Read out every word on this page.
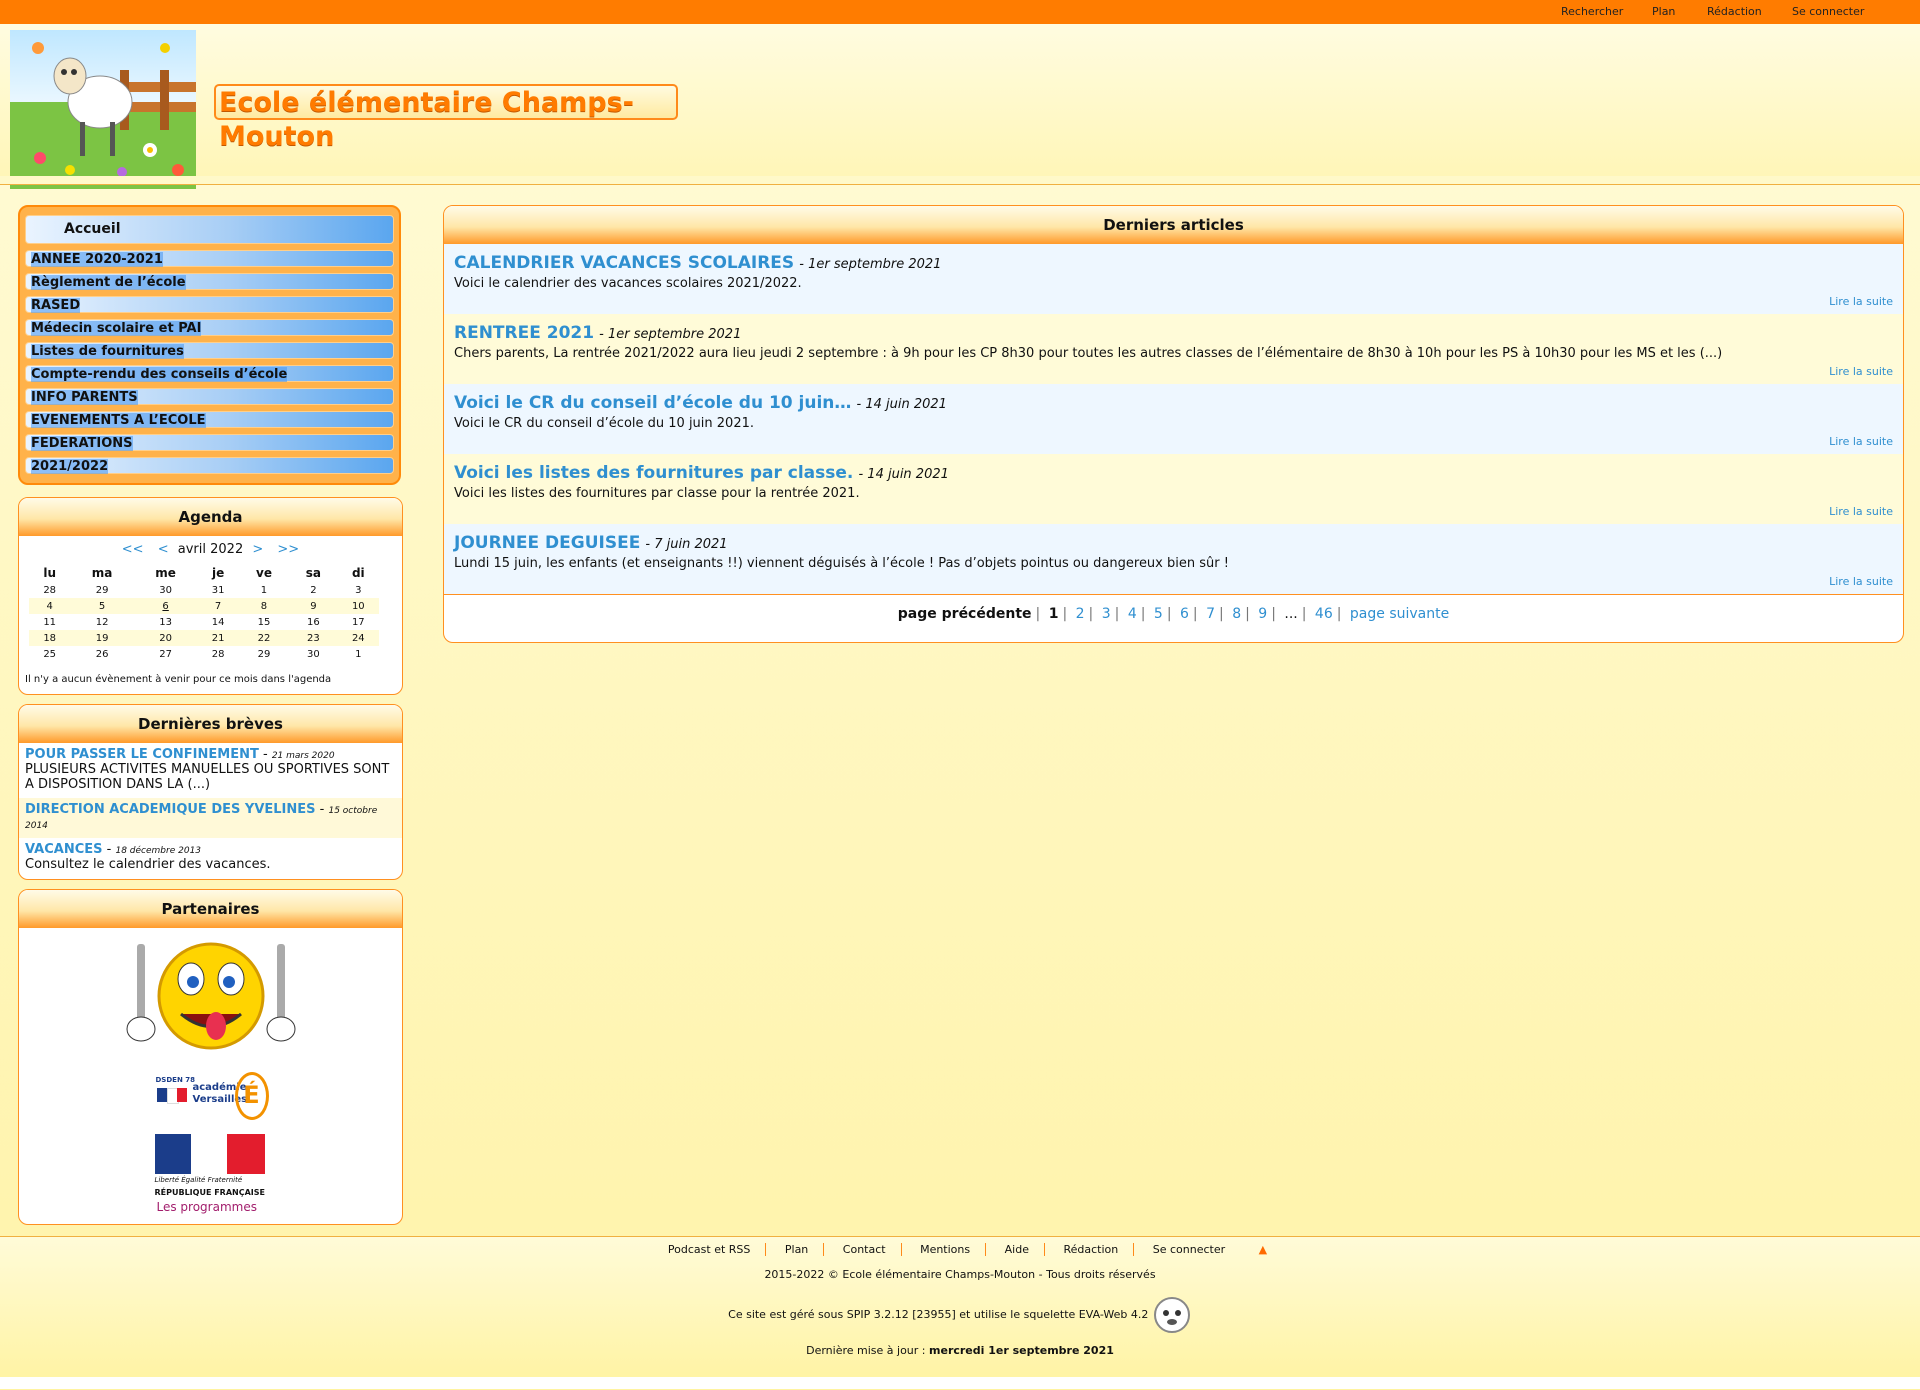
Rechercher	Plan	Rédaction	Se connecter
Ecole élémentaire Champs-Mouton
Accueil
ANNEE 2020-2021
Règlement de l’école
RASED
Médecin scolaire et PAI
Listes de fournitures
Compte-rendu des conseils d’école
INFO PARENTS
EVENEMENTS A L’ECOLE
FEDERATIONS
2021/2022
Agenda
<< < avril 2022 > >>
lu	ma	me	je	ve	sa	di
28	29	30	31	1	2	3
4	5	6	7	8	9	10
11	12	13	14	15	16	17
18	19	20	21	22	23	24
25	26	27	28	29	30	1
Il n'y a aucun évènement à venir pour ce mois dans l'agenda
Dernières brèves
POUR PASSER LE CONFINEMENT - 21 mars 2020
PLUSIEURS ACTIVITES MANUELLES OU SPORTIVES SONT A DISPOSITION DANS LA (...)
DIRECTION ACADEMIQUE DES YVELINES - 15 octobre 2014
VACANCES - 18 décembre 2013
Consultez le calendrier des vacances.
Partenaires
DSDEN 78
académie
Versailles
É
Liberté Égalité Fraternité
RÉPUBLIQUE FRANÇAISE
Les programmes
Derniers articles
CALENDRIER VACANCES SCOLAIRES - 1er septembre 2021
Voici le calendrier des vacances scolaires 2021/2022.
Lire la suite
RENTREE 2021 - 1er septembre 2021
Chers parents, La rentrée 2021/2022 aura lieu jeudi 2 septembre : à 9h pour les CP 8h30 pour toutes les autres classes de l’élémentaire de 8h30 à 10h pour les PS à 10h30 pour les MS et les (...)
Lire la suite
Voici le CR du conseil d’école du 10 juin… - 14 juin 2021
Voici le CR du conseil d’école du 10 juin 2021.
Lire la suite
Voici les listes des fournitures par classe. - 14 juin 2021
Voici les listes des fournitures par classe pour la rentrée 2021.
Lire la suite
JOURNEE DEGUISEE - 7 juin 2021
Lundi 15 juin, les enfants (et enseignants !!) viennent déguisés à l’école ! Pas d’objets pointus ou dangereux bien sûr !
Lire la suite
page précédente | 1 | 2 | 3 | 4 | 5 | 6 | 7 | 8 | 9 | ... | 46 | page suivante
Podcast et RSS	Plan	Contact	Mentions	Aide	Rédaction	Se connecter	▲
2015-2022 © Ecole élémentaire Champs-Mouton - Tous droits réservés
Ce site est géré sous SPIP 3.2.12 [23955] et utilise le squelette EVA-Web 4.2
Dernière mise à jour : mercredi 1er septembre 2021
